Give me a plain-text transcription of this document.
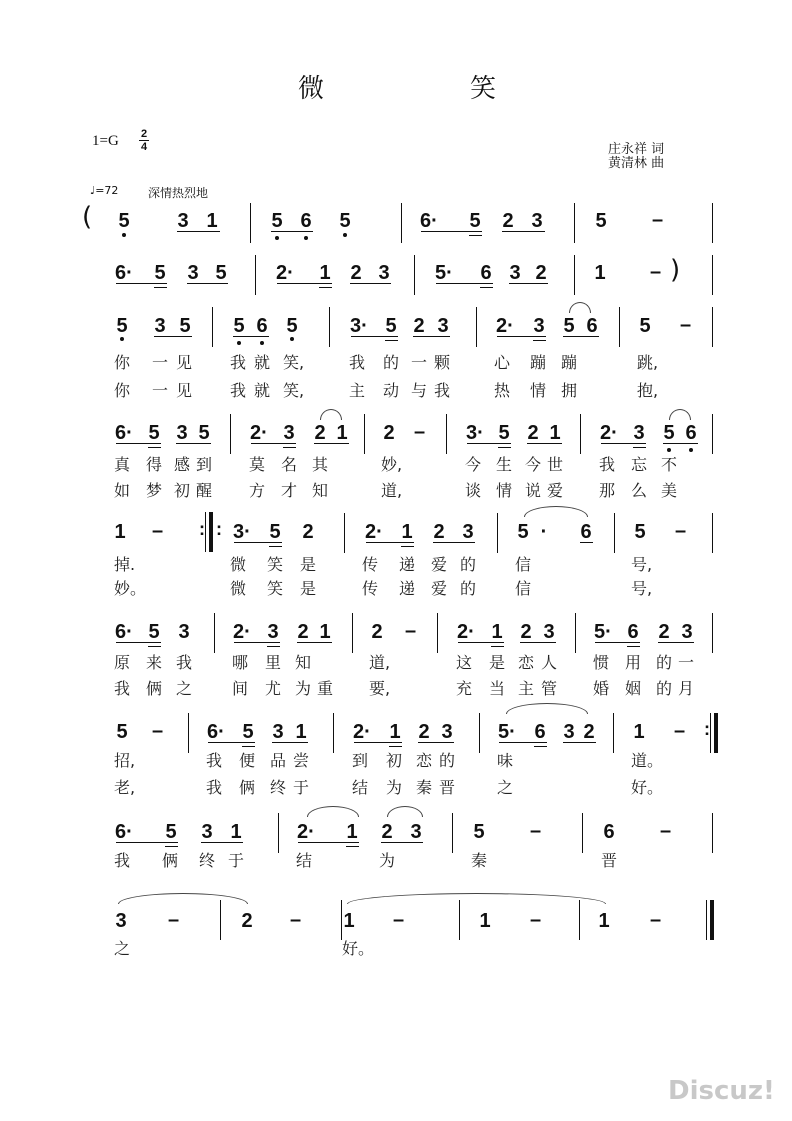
微	笑
1=G 2
4	庄永祥 词
黄清林 曲
♩=72 深情热烈地
( 5 3 1	5 6 5	6·	5 2 3	5 –
6·	5 3 5 2·	1 2 3 5·	6 3 2 1 – )
5 3 5 5 6 5	3· 5 2 3 2· 3 5 6 5 –
你 一 见 我 就 笑,	我 的 一 颗	心 蹦 蹦	跳,
你 一 见 我 就 笑,	主 动 与 我	热 情 拥	抱,
6· 5 3 5 2· 3 2 1 2 – 3· 5 2 1 2· 3 5 6
真 得 感 到 莫 名 其	妙,	今 生 今 世 我 忘 不
如 梦 初 醒 方 才 知	道,	谈 情 说 爱 那 么 美
1 – : : 3· 5 2	2· 1 2 3 5 · 6 5 –
掉.	微 笑 是	传 递 爱 的 信	号,
妙。	微 笑 是	传 递 爱 的 信	号,
6· 5 3 2· 3 2 1 2 – 2· 1 2 3 5· 6 2 3
原 来 我 哪 里 知	道,	这 是 恋 人 惯 用 的 一
我 俩 之 间 尤 为 重 要,	充 当 主 管 婚 姻 的 月
5 – 6· 5 3 1 2· 1 2 3 5· 6 3 2 1 – :
招,	我 便 品 尝	到 初 恋 的	味	道。
老,	我 俩 终 于	结 为 秦 晋	之	好。
6·	5 3 1	2·	1 2 3	5 –	6 –
我 俩 终 于	结	为	秦	晋
3 –	2 – 1 –	1 –	1 –
之	好。
Discuz!
